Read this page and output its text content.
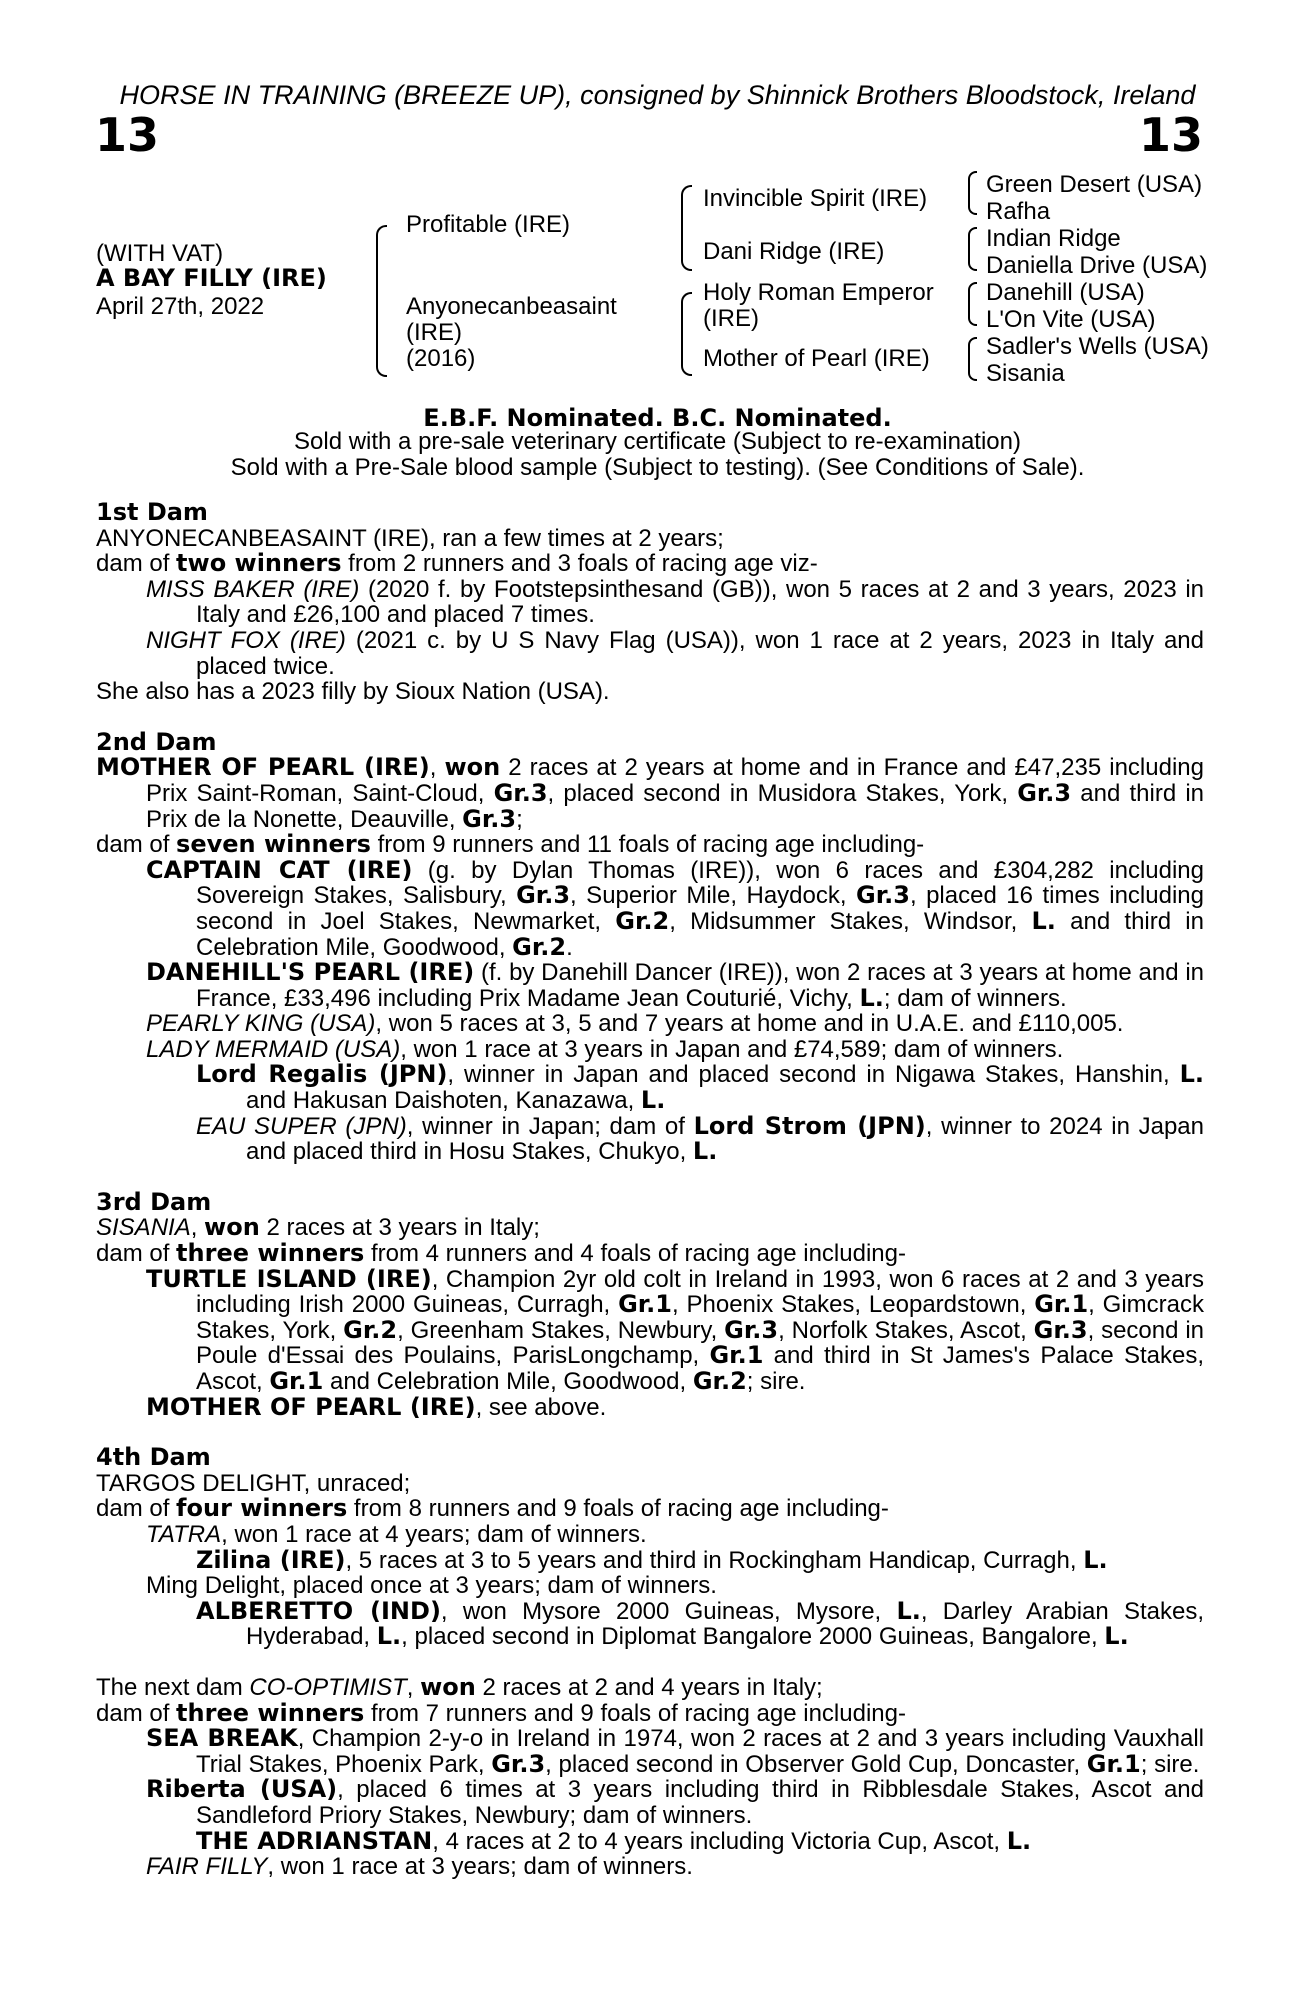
HORSE IN TRAINING (BREEZE UP), consigned by Shinnick Brothers Bloodstock, Ireland
13	13
(WITH VAT)
A BAY FILLY (IRE)
April 27th, 2022
Profitable (IRE)
Anyonecanbeasaint
(IRE)
(2016)
Invincible Spirit (IRE)
Dani Ridge (IRE)
Holy Roman Emperor
(IRE)
Mother of Pearl (IRE)
Green Desert (USA)
Rafha
Indian Ridge
Daniella Drive (USA)
Danehill (USA)
L'On Vite (USA)
Sadler's Wells (USA)
Sisania
E.B.F. Nominated. B.C. Nominated.
Sold with a pre-sale veterinary certificate (Subject to re-examination)
Sold with a Pre-Sale blood sample (Subject to testing). (See Conditions of Sale).

1st Dam

ANYONECANBEASAINT (IRE), ran a few times at 2 years;

dam of two winners from 2 runners and 3 foals of racing age viz-

MISS BAKER (IRE) (2020 f. by Footstepsinthesand (GB)), won 5 races at 2 and 3 years, 2023 in Italy and £26,100 and placed 7 times.

NIGHT FOX (IRE) (2021 c. by U S Navy Flag (USA)), won 1 race at 2 years, 2023 in Italy and placed twice.

She also has a 2023 filly by Sioux Nation (USA).

2nd Dam

MOTHER OF PEARL (IRE), won 2 races at 2 years at home and in France and £47,235 including Prix Saint-Roman, Saint-Cloud, Gr.3, placed second in Musidora Stakes, York, Gr.3 and third in Prix de la Nonette, Deauville, Gr.3;

dam of seven winners from 9 runners and 11 foals of racing age including-

CAPTAIN CAT (IRE) (g. by Dylan Thomas (IRE)), won 6 races and £304,282 including Sovereign Stakes, Salisbury, Gr.3, Superior Mile, Haydock, Gr.3, placed 16 times including second in Joel Stakes, Newmarket, Gr.2, Midsummer Stakes, Windsor, L. and third in Celebration Mile, Goodwood, Gr.2.

DANEHILL'S PEARL (IRE) (f. by Danehill Dancer (IRE)), won 2 races at 3 years at home and in France, £33,496 including Prix Madame Jean Couturié, Vichy, L.; dam of winners.

PEARLY KING (USA), won 5 races at 3, 5 and 7 years at home and in U.A.E. and £110,005.

LADY MERMAID (USA), won 1 race at 3 years in Japan and £74,589; dam of winners.

Lord Regalis (JPN), winner in Japan and placed second in Nigawa Stakes, Hanshin, L. and Hakusan Daishoten, Kanazawa, L.

EAU SUPER (JPN), winner in Japan; dam of Lord Strom (JPN), winner to 2024 in Japan and placed third in Hosu Stakes, Chukyo, L.

3rd Dam

SISANIA, won 2 races at 3 years in Italy;

dam of three winners from 4 runners and 4 foals of racing age including-

TURTLE ISLAND (IRE), Champion 2yr old colt in Ireland in 1993, won 6 races at 2 and 3 years including Irish 2000 Guineas, Curragh, Gr.1, Phoenix Stakes, Leopardstown, Gr.1, Gimcrack Stakes, York, Gr.2, Greenham Stakes, Newbury, Gr.3, Norfolk Stakes, Ascot, Gr.3, second in Poule d'Essai des Poulains, ParisLongchamp, Gr.1 and third in St James's Palace Stakes, Ascot, Gr.1 and Celebration Mile, Goodwood, Gr.2; sire.

MOTHER OF PEARL (IRE), see above.

4th Dam

TARGOS DELIGHT, unraced;

dam of four winners from 8 runners and 9 foals of racing age including-

TATRA, won 1 race at 4 years; dam of winners.

Zilina (IRE), 5 races at 3 to 5 years and third in Rockingham Handicap, Curragh, L.

Ming Delight, placed once at 3 years; dam of winners.

ALBERETTO (IND), won Mysore 2000 Guineas, Mysore, L., Darley Arabian Stakes, Hyderabad, L., placed second in Diplomat Bangalore 2000 Guineas, Bangalore, L.

The next dam CO-OPTIMIST, won 2 races at 2 and 4 years in Italy;

dam of three winners from 7 runners and 9 foals of racing age including-

SEA BREAK, Champion 2-y-o in Ireland in 1974, won 2 races at 2 and 3 years including Vauxhall Trial Stakes, Phoenix Park, Gr.3, placed second in Observer Gold Cup, Doncaster, Gr.1; sire.

Riberta (USA), placed 6 times at 3 years including third in Ribblesdale Stakes, Ascot and Sandleford Priory Stakes, Newbury; dam of winners.

THE ADRIANSTAN, 4 races at 2 to 4 years including Victoria Cup, Ascot, L.

FAIR FILLY, won 1 race at 3 years; dam of winners.
